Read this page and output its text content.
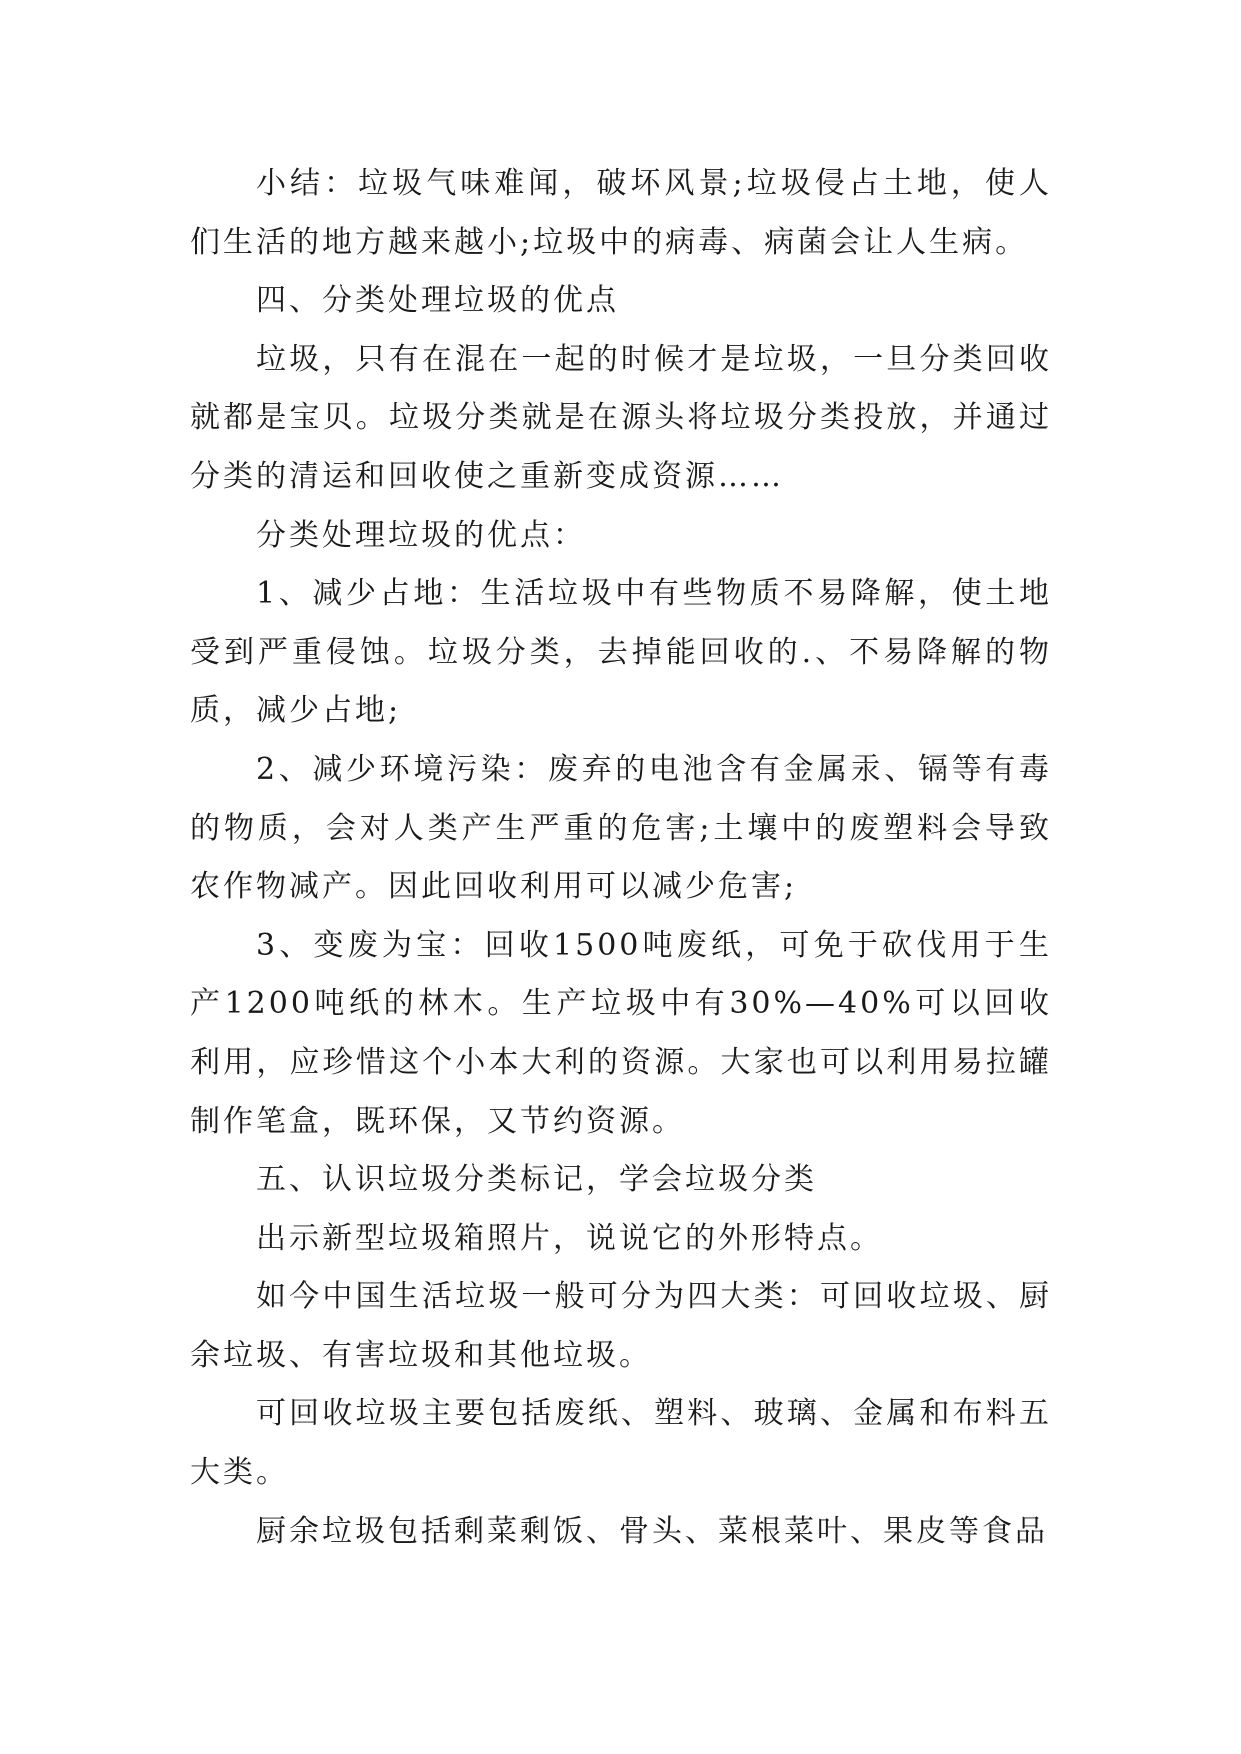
小结：垃圾气味难闻，破坏风景;垃圾侵占土地，使人们生活的地方越来越小;垃圾中的病毒、病菌会让人生病。

四、分类处理垃圾的优点

垃圾，只有在混在一起的时候才是垃圾，一旦分类回收就都是宝贝。垃圾分类就是在源头将垃圾分类投放，并通过分类的清运和回收使之重新变成资源……

分类处理垃圾的优点：

1、减少占地：生活垃圾中有些物质不易降解，使土地受到严重侵蚀。垃圾分类，去掉能回收的.、不易降解的物质，减少占地;

2、减少环境污染：废弃的电池含有金属汞、镉等有毒的物质，会对人类产生严重的危害;土壤中的废塑料会导致农作物减产。因此回收利用可以减少危害;

3、变废为宝：回收1500吨废纸，可免于砍伐用于生产1200吨纸的林木。生产垃圾中有30%—40%可以回收利用，应珍惜这个小本大利的资源。大家也可以利用易拉罐制作笔盒，既环保，又节约资源。

五、认识垃圾分类标记，学会垃圾分类

出示新型垃圾箱照片，说说它的外形特点。

如今中国生活垃圾一般可分为四大类：可回收垃圾、厨余垃圾、有害垃圾和其他垃圾。

可回收垃圾主要包括废纸、塑料、玻璃、金属和布料五大类。

厨余垃圾包括剩菜剩饭、骨头、菜根菜叶、果皮等食品
